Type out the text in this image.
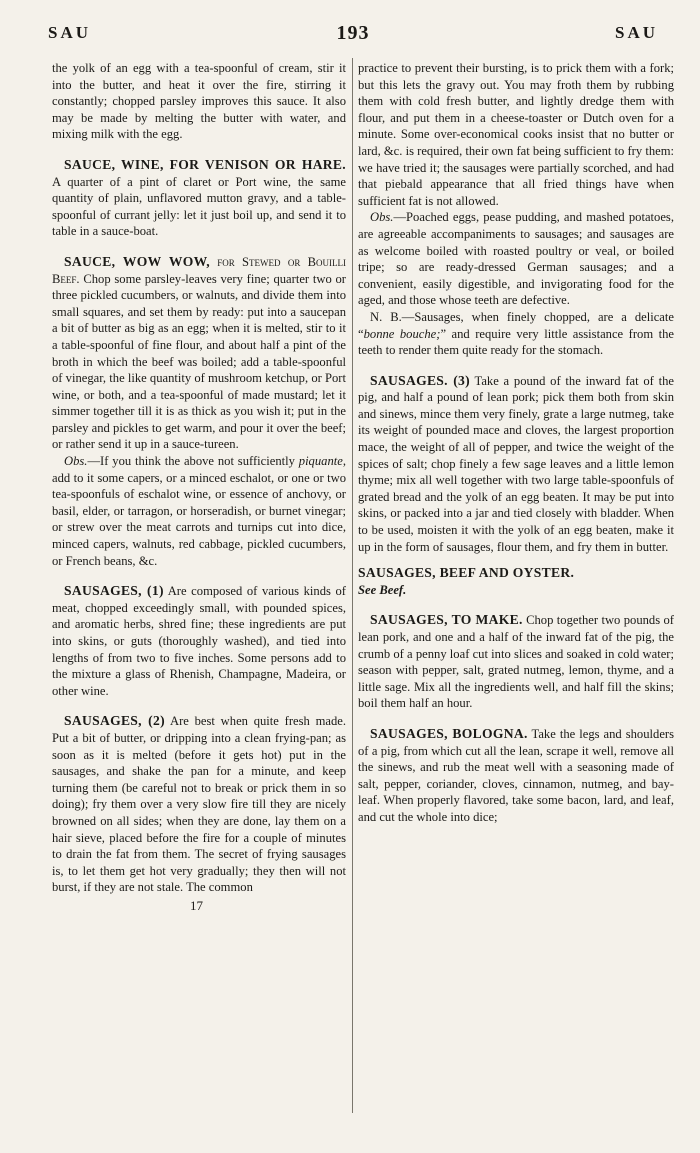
SAU	193	SAU

the yolk of an egg with a tea-spoonful of cream, stir it into the butter, and heat it over the fire, stirring it constantly; chopped parsley improves this sauce. It also may be made by melting the butter with water, and mixing milk with the egg.

SAUCE, WINE, FOR VENISON OR HARE. A quarter of a pint of claret or Port wine, the same quantity of plain, unflavored mutton gravy, and a table-spoonful of currant jelly: let it just boil up, and send it to table in a sauce-boat.

SAUCE, WOW WOW, for Stewed or Bouilli Beef. Chop some parsley-leaves very fine; quarter two or three pickled cucumbers, or walnuts, and divide them into small squares, and set them by ready: put into a saucepan a bit of butter as big as an egg; when it is melted, stir to it a table-spoonful of fine flour, and about half a pint of the broth in which the beef was boiled; add a table-spoonful of vinegar, the like quantity of mushroom ketchup, or Port wine, or both, and a tea-spoonful of made mustard; let it simmer together till it is as thick as you wish it; put in the parsley and pickles to get warm, and pour it over the beef; or rather send it up in a sauce-tureen.

Obs.—If you think the above not sufficiently piquante, add to it some capers, or a minced eschalot, or one or two tea-spoonfuls of eschalot wine, or essence of anchovy, or basil, elder, or tarragon, or horseradish, or burnet vinegar; or strew over the meat carrots and turnips cut into dice, minced capers, walnuts, red cabbage, pickled cucumbers, or French beans, &c.

SAUSAGES, (1) Are composed of various kinds of meat, chopped exceedingly small, with pounded spices, and aromatic herbs, shred fine; these ingredients are put into skins, or guts (thoroughly washed), and tied into lengths of from two to five inches. Some persons add to the mixture a glass of Rhenish, Champagne, Madeira, or other wine.

SAUSAGES, (2) Are best when quite fresh made. Put a bit of butter, or dripping into a clean frying-pan; as soon as it is melted (before it gets hot) put in the sausages, and shake the pan for a minute, and keep turning them (be careful not to break or prick them in so doing); fry them over a very slow fire till they are nicely browned on all sides; when they are done, lay them on a hair sieve, placed before the fire for a couple of minutes to drain the fat from them. The secret of frying sausages is, to let them get hot very gradually; they then will not burst, if they are not stale. The common

17

practice to prevent their bursting, is to prick them with a fork; but this lets the gravy out. You may froth them by rubbing them with cold fresh butter, and lightly dredge them with flour, and put them in a cheese-toaster or Dutch oven for a minute. Some over-economical cooks insist that no butter or lard, &c. is required, their own fat being sufficient to fry them: we have tried it; the sausages were partially scorched, and had that piebald appearance that all fried things have when sufficient fat is not allowed.

Obs.—Poached eggs, pease pudding, and mashed potatoes, are agreeable accompaniments to sausages; and sausages are as welcome boiled with roasted poultry or veal, or boiled tripe; so are ready-dressed German sausages; and a convenient, easily digestible, and invigorating food for the aged, and those whose teeth are defective.

N. B.—Sausages, when finely chopped, are a delicate “bonne bouche;” and require very little assistance from the teeth to render them quite ready for the stomach.

SAUSAGES. (3) Take a pound of the inward fat of the pig, and half a pound of lean pork; pick them both from skin and sinews, mince them very finely, grate a large nutmeg, take its weight of pounded mace and cloves, the largest proportion mace, the weight of all of pepper, and twice the weight of the spices of salt; chop finely a few sage leaves and a little lemon thyme; mix all well together with two large table-spoonfuls of grated bread and the yolk of an egg beaten. It may be put into skins, or packed into a jar and tied closely with bladder. When to be used, moisten it with the yolk of an egg beaten, make it up in the form of sausages, flour them, and fry them in butter.

SAUSAGES, BEEF AND OYSTER.
See Beef.

SAUSAGES, TO MAKE. Chop together two pounds of lean pork, and one and a half of the inward fat of the pig, the crumb of a penny loaf cut into slices and soaked in cold water; season with pepper, salt, grated nutmeg, lemon, thyme, and a little sage. Mix all the ingredients well, and half fill the skins; boil them half an hour.

SAUSAGES, BOLOGNA. Take the legs and shoulders of a pig, from which cut all the lean, scrape it well, remove all the sinews, and rub the meat well with a seasoning made of salt, pepper, coriander, cloves, cinnamon, nutmeg, and bay-leaf. When properly flavored, take some bacon, lard, and leaf, and cut the whole into dice;
